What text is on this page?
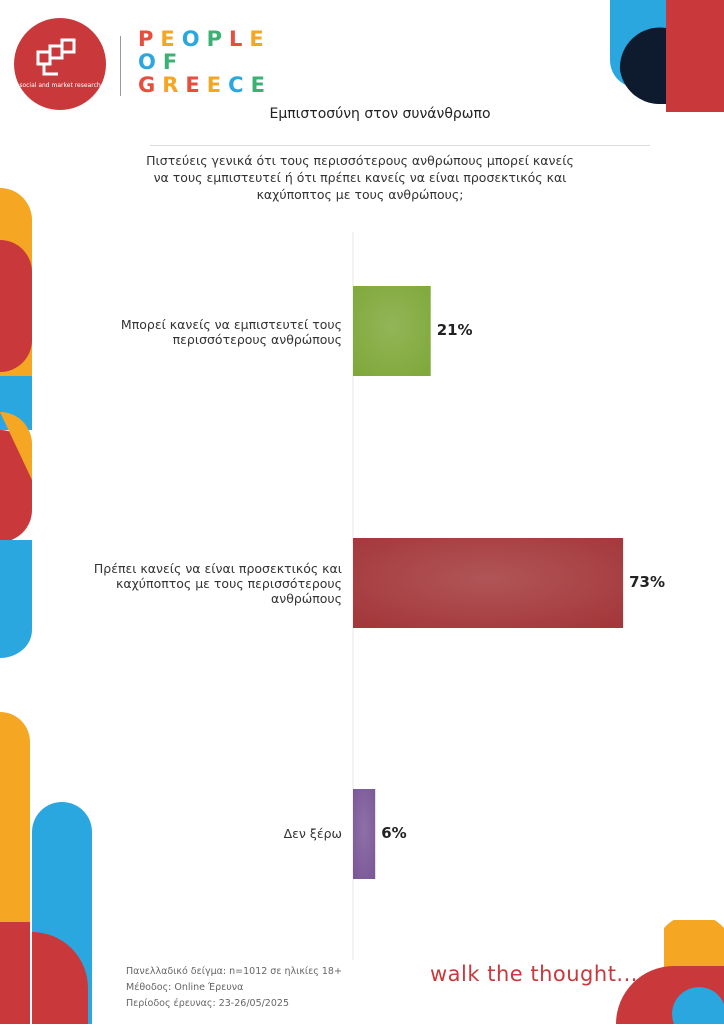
social and market research
PEOPLE
OF
GREECE
Εμπιστοσύνη στον συνάνθρωπο
Πιστεύεις γενικά ότι τους περισσότερους ανθρώπους μπορεί κανείς να τους εμπιστευτεί ή ότι πρέπει κανείς να είναι προσεκτικός και καχύποπτος με τους ανθρώπους;
Μπορεί κανείς να εμπιστευτεί τους περισσότερους ανθρώπους
Πρέπει κανείς να είναι προσεκτικός και καχύποπτος με τους περισσότερους ανθρώπους
Δεν ξέρω
21%
73%
6%
Πανελλαδικό δείγμα: n=1012 σε ηλικίες 18+
Μέθοδος: Online Έρευνα
Περίοδος έρευνας: 23-26/05/2025
walk the thought...
